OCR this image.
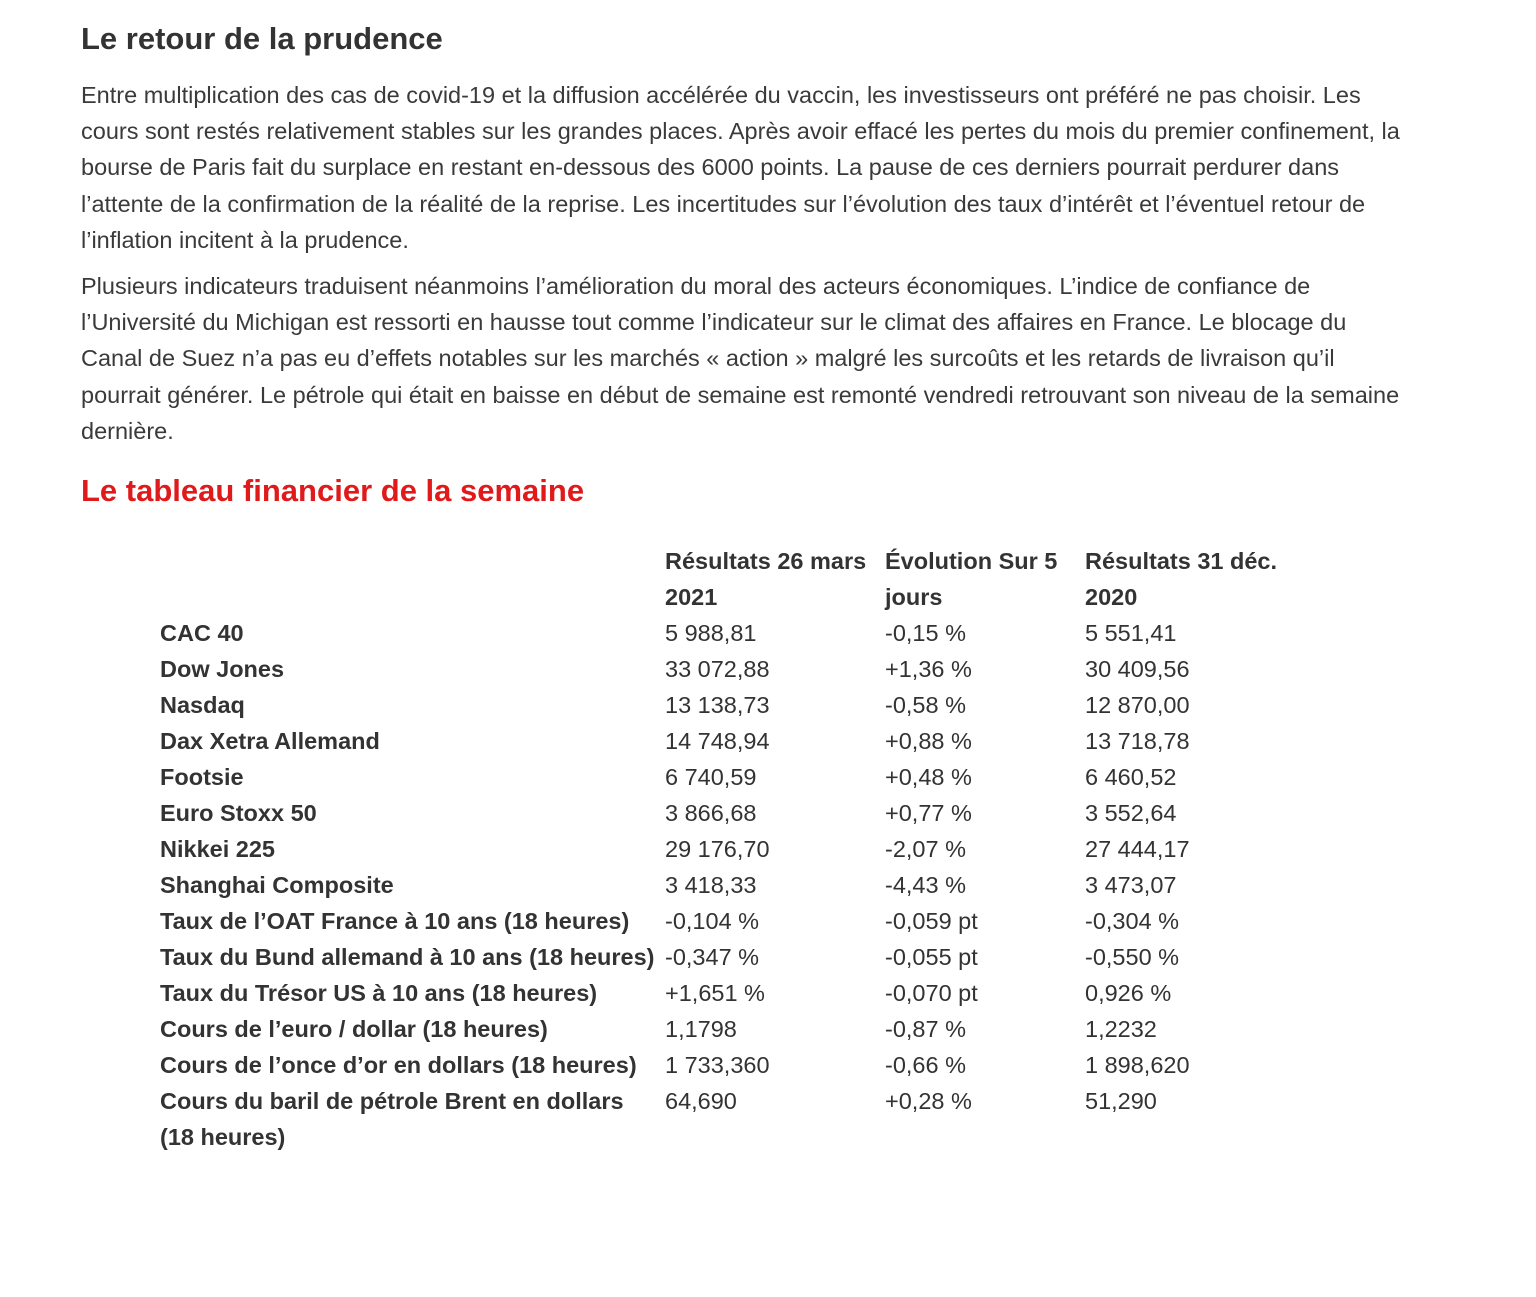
Le retour de la prudence

Entre multiplication des cas de covid-19 et la diffusion accélérée du vaccin, les investisseurs ont préféré ne pas choisir. Les cours sont restés relativement stables sur les grandes places. Après avoir effacé les pertes du mois du premier confinement, la bourse de Paris fait du surplace en restant en-dessous des 6000 points. La pause de ces derniers pourrait perdurer dans l’attente de la confirmation de la réalité de la reprise. Les incertitudes sur l’évolution des taux d’intérêt et l’éventuel retour de l’inflation incitent à la prudence.

Plusieurs indicateurs traduisent néanmoins l’amélioration du moral des acteurs économiques. L’indice de confiance de l’Université du Michigan est ressorti en hausse tout comme l’indicateur sur le climat des affaires en France. Le blocage du Canal de Suez n’a pas eu d’effets notables sur les marchés « action » malgré les surcoûts et les retards de livraison qu’il pourrait générer. Le pétrole qui était en baisse en début de semaine est remonté vendredi retrouvant son niveau de la semaine dernière.

Le tableau financier de la semaine
	Résultats 26 mars 2021	Évolution Sur 5 jours	Résultats 31 déc. 2020
CAC 40	5 988,81	-0,15 %	5 551,41
Dow Jones	33 072,88	+1,36 %	30 409,56
Nasdaq	13 138,73	-0,58 %	12 870,00
Dax Xetra Allemand	14 748,94	+0,88 %	13 718,78
Footsie	6 740,59	+0,48 %	6 460,52
Euro Stoxx 50	3 866,68	+0,77 %	3 552,64
Nikkei 225	29 176,70	-2,07 %	27 444,17
Shanghai Composite	3 418,33	-4,43 %	3 473,07
Taux de l’OAT France à 10 ans (18 heures)	-0,104 %	-0,059 pt	-0,304 %
Taux du Bund allemand à 10 ans (18 heures)	-0,347 %	-0,055 pt	-0,550 %
Taux du Trésor US à 10 ans (18 heures)	+1,651 %	-0,070 pt	0,926 %
Cours de l’euro / dollar (18 heures)	1,1798	-0,87 %	1,2232
Cours de l’once d’or en dollars (18 heures)	1 733,360	-0,66 %	1 898,620
Cours du baril de pétrole Brent en dollars (18 heures)	64,690	+0,28 %	51,290
